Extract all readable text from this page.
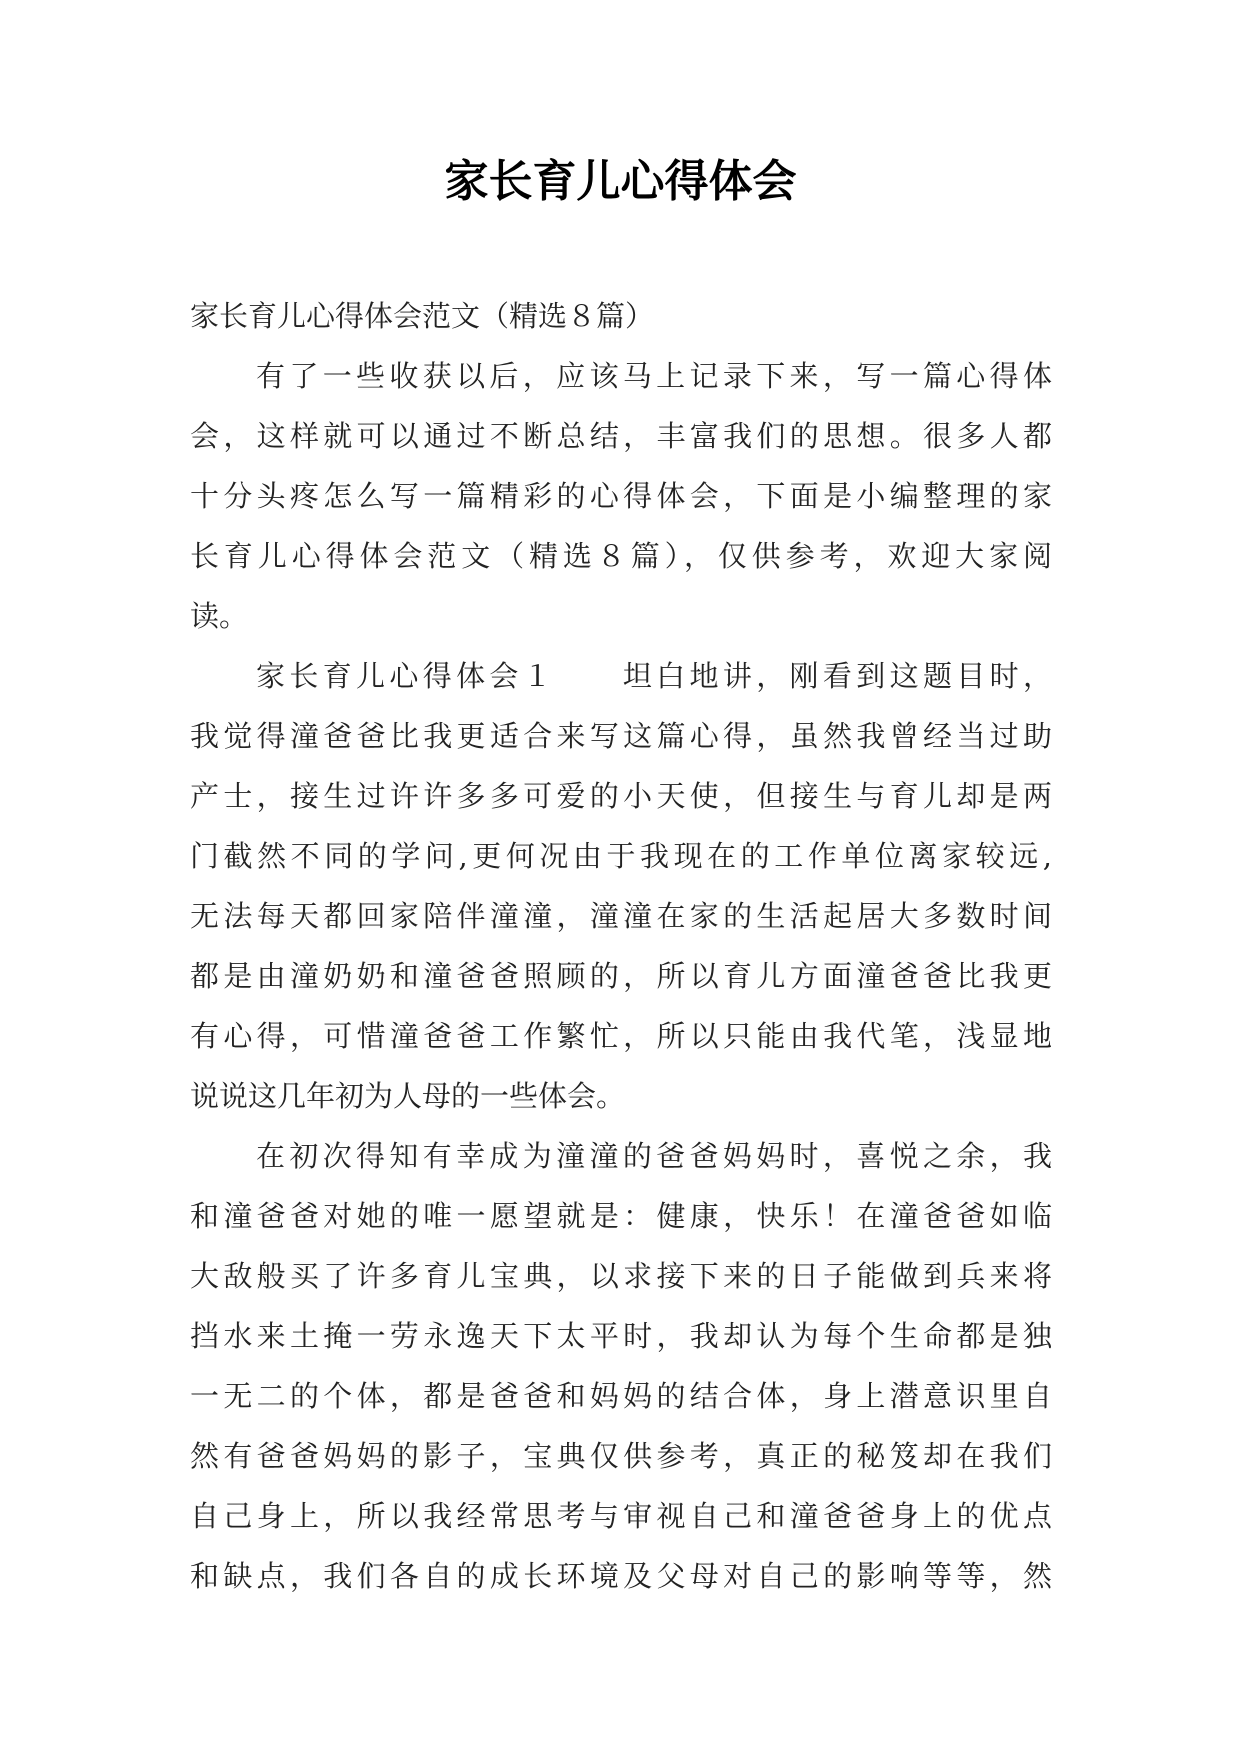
家长育儿心得体会
家长育儿心得体会范文（精选８篇）
有了一些收获以后，应该马上记录下来，写一篇心得体
会，这样就可以通过不断总结，丰富我们的思想。很多人都
十分头疼怎么写一篇精彩的心得体会，下面是小编整理的家
长育儿心得体会范文（精选８篇），仅供参考，欢迎大家阅
读。
家长育儿心得体会１　　坦白地讲，刚看到这题目时，
我觉得潼爸爸比我更适合来写这篇心得，虽然我曾经当过助
产士，接生过许许多多可爱的小天使，但接生与育儿却是两
门截然不同的学问,更何况由于我现在的工作单位离家较远,
无法每天都回家陪伴潼潼，潼潼在家的生活起居大多数时间
都是由潼奶奶和潼爸爸照顾的，所以育儿方面潼爸爸比我更
有心得，可惜潼爸爸工作繁忙，所以只能由我代笔，浅显地
说说这几年初为人母的一些体会。
在初次得知有幸成为潼潼的爸爸妈妈时，喜悦之余，我
和潼爸爸对她的唯一愿望就是：健康，快乐！在潼爸爸如临
大敌般买了许多育儿宝典，以求接下来的日子能做到兵来将
挡水来土掩一劳永逸天下太平时，我却认为每个生命都是独
一无二的个体，都是爸爸和妈妈的结合体，身上潜意识里自
然有爸爸妈妈的影子，宝典仅供参考，真正的秘笈却在我们
自己身上，所以我经常思考与审视自己和潼爸爸身上的优点
和缺点，我们各自的成长环境及父母对自己的影响等等，然
